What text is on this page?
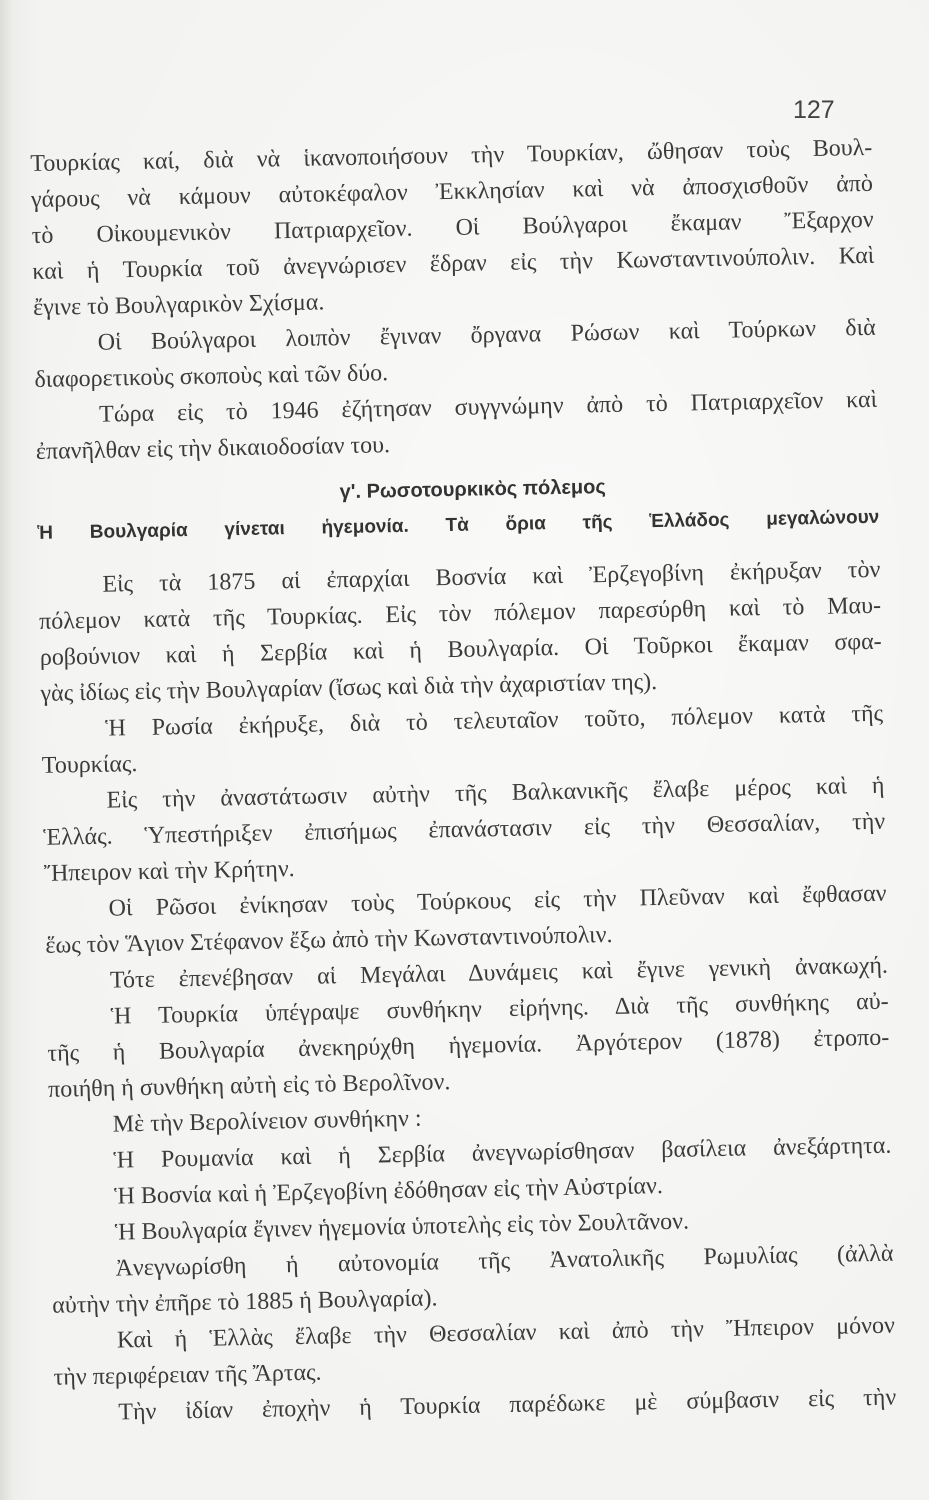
127
Τουρκίας καί, διὰ νὰ ἱκανοποιήσουν τὴν Τουρκίαν, ὤθησαν τοὺς Βουλ-
γάρους νὰ κάμουν αὐτοκέφαλον Ἐκκλησίαν καὶ νὰ ἀποσχισθοῦν ἀπὸ
τὸ Οἰκουμενικὸν Πατριαρχεῖον. Οἱ Βούλγαροι ἔκαμαν Ἔξαρχον
καὶ ἡ Τουρκία τοῦ ἀνεγνώρισεν ἕδραν εἰς τὴν Κωνσταντινούπολιν. Καὶ
ἔγινε τὸ Βουλγαρικὸν Σχίσμα.
Οἱ Βούλγαροι λοιπὸν ἔγιναν ὄργανα Ρώσων καὶ Τούρκων διὰ
διαφορετικοὺς σκοποὺς καὶ τῶν δύο.
Τώρα εἰς τὸ 1946 ἐζήτησαν συγγνώμην ἀπὸ τὸ Πατριαρχεῖον καὶ
ἐπανῆλθαν εἰς τὴν δικαιοδοσίαν του.
γ'. Ρωσοτουρκικὸς πόλεμος
Ἡ Βουλγαρία γίνεται ἡγεμονία. Τὰ ὅρια τῆς Ἑλλάδος μεγαλώνουν
Εἰς τὰ 1875 αἱ ἐπαρχίαι Βοσνία καὶ Ἐρζεγοβίνη ἐκήρυξαν τὸν
πόλεμον κατὰ τῆς Τουρκίας. Εἰς τὸν πόλεμον παρεσύρθη καὶ τὸ Μαυ-
ροβούνιον καὶ ἡ Σερβία καὶ ἡ Βουλγαρία. Οἱ Τοῦρκοι ἔκαμαν σφα-
γὰς ἰδίως εἰς τὴν Βουλγαρίαν (ἴσως καὶ διὰ τὴν ἀχαριστίαν της).
Ἡ Ρωσία ἐκήρυξε, διὰ τὸ τελευταῖον τοῦτο, πόλεμον κατὰ τῆς
Τουρκίας.
Εἰς τὴν ἀναστάτωσιν αὐτὴν τῆς Βαλκανικῆς ἔλαβε μέρος καὶ ἡ
Ἑλλάς. Ὑπεστήριξεν ἐπισήμως ἐπανάστασιν εἰς τὴν Θεσσαλίαν, τὴν
Ἤπειρον καὶ τὴν Κρήτην.
Οἱ Ρῶσοι ἐνίκησαν τοὺς Τούρκους εἰς τὴν Πλεῦναν καὶ ἔφθασαν
ἕως τὸν Ἅγιον Στέφανον ἔξω ἀπὸ τὴν Κωνσταντινούπολιν.
Τότε ἐπενέβησαν αἱ Μεγάλαι Δυνάμεις καὶ ἔγινε γενικὴ ἀνακωχή.
Ἡ Τουρκία ὑπέγραψε συνθήκην εἰρήνης. Διὰ τῆς συνθήκης αὐ-
τῆς ἡ Βουλγαρία ἀνεκηρύχθη ἡγεμονία. Ἀργότερον (1878) ἐτροπο-
ποιήθη ἡ συνθήκη αὐτὴ εἰς τὸ Βερολῖνον.
Μὲ τὴν Βερολίνειον συνθήκην :
Ἡ Ρουμανία καὶ ἡ Σερβία ἀνεγνωρίσθησαν βασίλεια ἀνεξάρτητα.
Ἡ Βοσνία καὶ ἡ Ἐρζεγοβίνη ἐδόθησαν εἰς τὴν Αὐστρίαν.
Ἡ Βουλγαρία ἔγινεν ἡγεμονία ὑποτελὴς εἰς τὸν Σουλτᾶνον.
Ἀνεγνωρίσθη ἡ αὐτονομία τῆς Ἀνατολικῆς Ρωμυλίας (ἀλλὰ
αὐτὴν τὴν ἐπῆρε τὸ 1885 ἡ Βουλγαρία).
Καὶ ἡ Ἑλλὰς ἔλαβε τὴν Θεσσαλίαν καὶ ἀπὸ τὴν Ἤπειρον μόνον
τὴν περιφέρειαν τῆς Ἄρτας.
Τὴν ἰδίαν ἐποχὴν ἡ Τουρκία παρέδωκε μὲ σύμβασιν εἰς τὴν
